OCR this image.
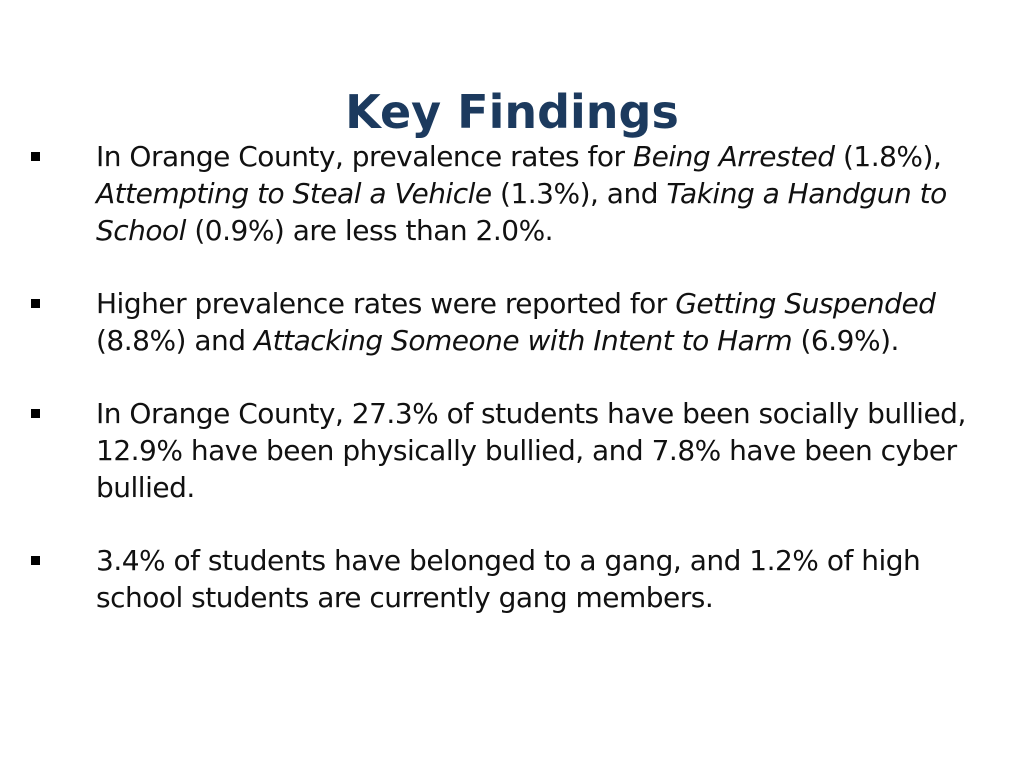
Key Findings
In Orange County, prevalence rates for Being Arrested (1.8%), Attempting to Steal a Vehicle (1.3%), and Taking a Handgun to School (0.9%) are less than 2.0%.
Higher prevalence rates were reported for Getting Suspended (8.8%) and Attacking Someone with Intent to Harm (6.9%).
In Orange County, 27.3% of students have been socially bullied, 12.9% have been physically bullied, and 7.8% have been cyber bullied.
3.4% of students have belonged to a gang, and 1.2% of high school students are currently gang members.
